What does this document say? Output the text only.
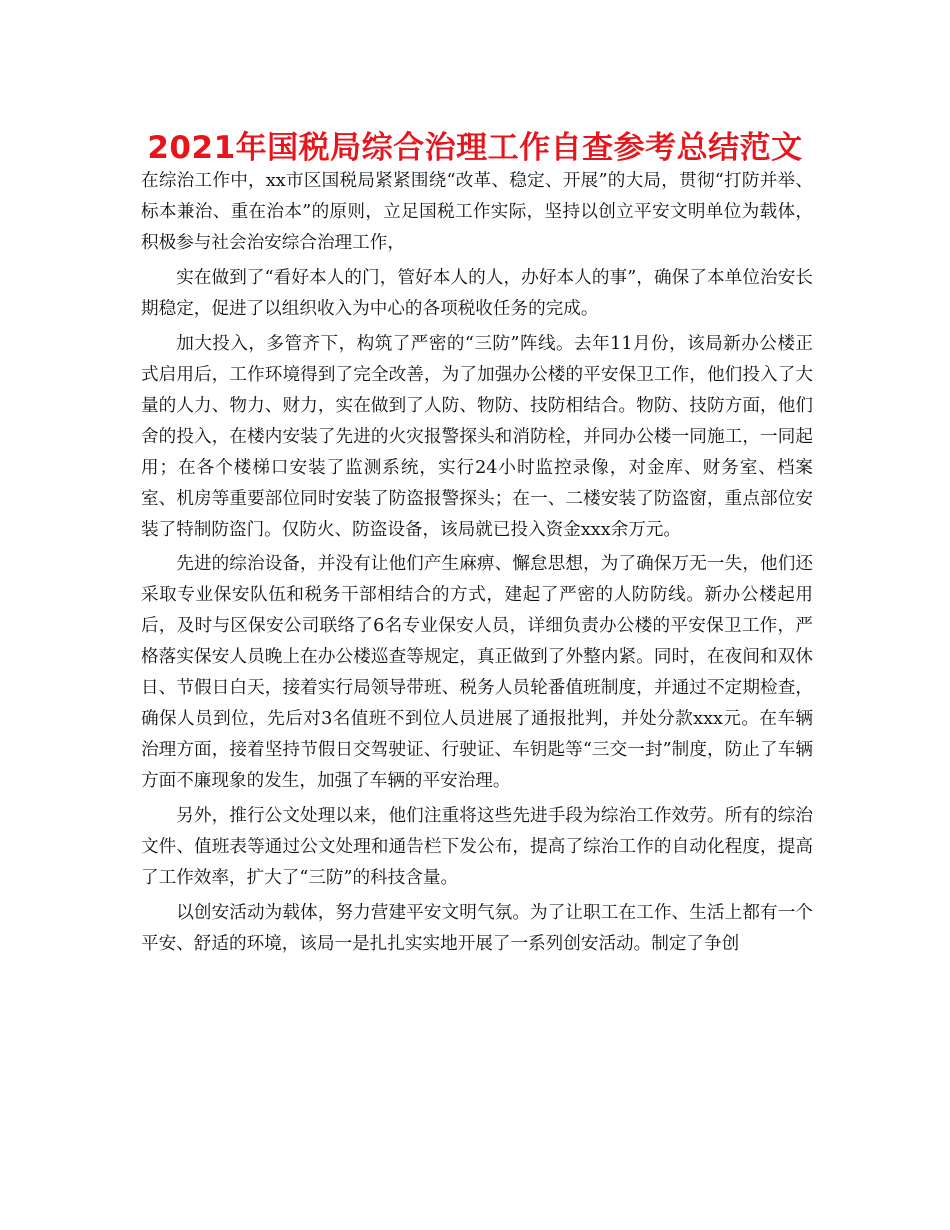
2021年国税局综合治理工作自查参考总结范文

在综治工作中，xx市区国税局紧紧围绕“改革、稳定、开展”的大局，贯彻“打防并举、标本兼治、重在治本”的原则，立足国税工作实际，坚持以创立平安文明单位为载体，积极参与社会治安综合治理工作，

实在做到了“看好本人的门，管好本人的人，办好本人的事”，确保了本单位治安长期稳定，促进了以组织收入为中心的各项税收任务的完成。

加大投入，多管齐下，构筑了严密的“三防”阵线。去年11月份，该局新办公楼正式启用后，工作环境得到了完全改善，为了加强办公楼的平安保卫工作，他们投入了大量的人力、物力、财力，实在做到了人防、物防、技防相结合。物防、技防方面，他们舍的投入，在楼内安装了先进的火灾报警探头和消防栓，并同办公楼一同施工，一同起用；在各个楼梯口安装了监测系统，实行24小时监控录像，对金库、财务室、档案室、机房等重要部位同时安装了防盗报警探头；在一、二楼安装了防盗窗，重点部位安装了特制防盗门。仅防火、防盗设备，该局就已投入资金xxx余万元。

先进的综治设备，并没有让他们产生麻痹、懈怠思想，为了确保万无一失，他们还采取专业保安队伍和税务干部相结合的方式，建起了严密的人防防线。新办公楼起用后，及时与区保安公司联络了6名专业保安人员，详细负责办公楼的平安保卫工作，严格落实保安人员晚上在办公楼巡查等规定，真正做到了外整内紧。同时，在夜间和双休日、节假日白天，接着实行局领导带班、税务人员轮番值班制度，并通过不定期检查，确保人员到位，先后对3名值班不到位人员进展了通报批判，并处分款xxx元。在车辆治理方面，接着坚持节假日交驾驶证、行驶证、车钥匙等“三交一封”制度，防止了车辆方面不廉现象的发生，加强了车辆的平安治理。

另外，推行公文处理以来，他们注重将这些先进手段为综治工作效劳。所有的综治文件、值班表等通过公文处理和通告栏下发公布，提高了综治工作的自动化程度，提高了工作效率，扩大了“三防”的科技含量。

以创安活动为载体，努力营建平安文明气氛。为了让职工在工作、生活上都有一个平安、舒适的环境，该局一是扎扎实实地开展了一系列创安活动。制定了争创
